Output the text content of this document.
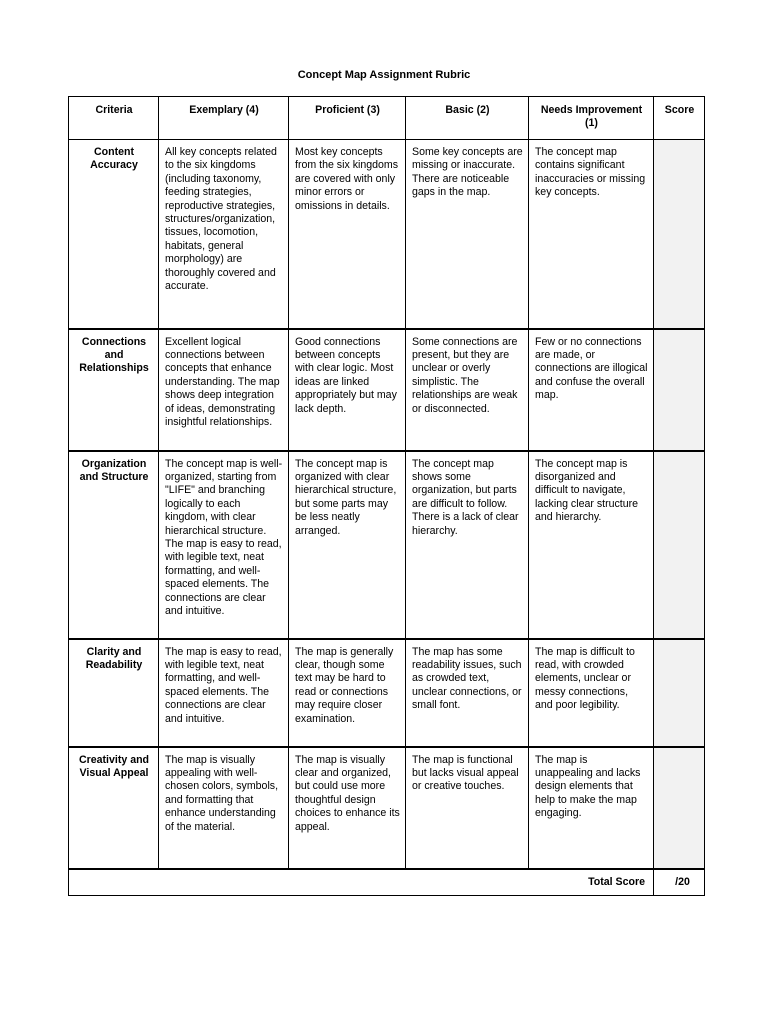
Concept Map Assignment Rubric
Criteria	Exemplary (4)	Proficient (3)	Basic (2)	Needs Improvement (1)	Score
Content Accuracy	All key concepts related to the six kingdoms (including taxonomy, feeding strategies, reproductive strategies, structures/organization, tissues, locomotion, habitats, general morphology) are thoroughly covered and accurate.	Most key concepts from the six kingdoms are covered with only minor errors or omissions in details.	Some key concepts are missing or inaccurate. There are noticeable gaps in the map.	The concept map contains significant inaccuracies or missing key concepts.	
Connections and Relationships	Excellent logical connections between concepts that enhance understanding. The map shows deep integration of ideas, demonstrating insightful relationships.	Good connections between concepts with clear logic. Most ideas are linked appropriately but may lack depth.	Some connections are present, but they are unclear or overly simplistic. The relationships are weak or disconnected.	Few or no connections are made, or connections are illogical and confuse the overall map.	
Organization and Structure	The concept map is well-organized, starting from "LIFE" and branching logically to each kingdom, with clear hierarchical structure. The map is easy to read, with legible text, neat formatting, and well-spaced elements. The connections are clear and intuitive.	The concept map is organized with clear hierarchical structure, but some parts may be less neatly arranged.	The concept map shows some organization, but parts are difficult to follow. There is a lack of clear hierarchy.	The concept map is disorganized and difficult to navigate, lacking clear structure and hierarchy.	
Clarity and Readability	The map is easy to read, with legible text, neat formatting, and well-spaced elements. The connections are clear and intuitive.	The map is generally clear, though some text may be hard to read or connections may require closer examination.	The map has some readability issues, such as crowded text, unclear connections, or small font.	The map is difficult to read, with crowded elements, unclear or messy connections, and poor legibility.	
Creativity and Visual Appeal	The map is visually appealing with well-chosen colors, symbols, and formatting that enhance understanding of the material.	The map is visually clear and organized, but could use more thoughtful design choices to enhance its appeal.	The map is functional but lacks visual appeal or creative touches.	The map is unappealing and lacks design elements that help to make the map engaging.	
Total Score					/20
